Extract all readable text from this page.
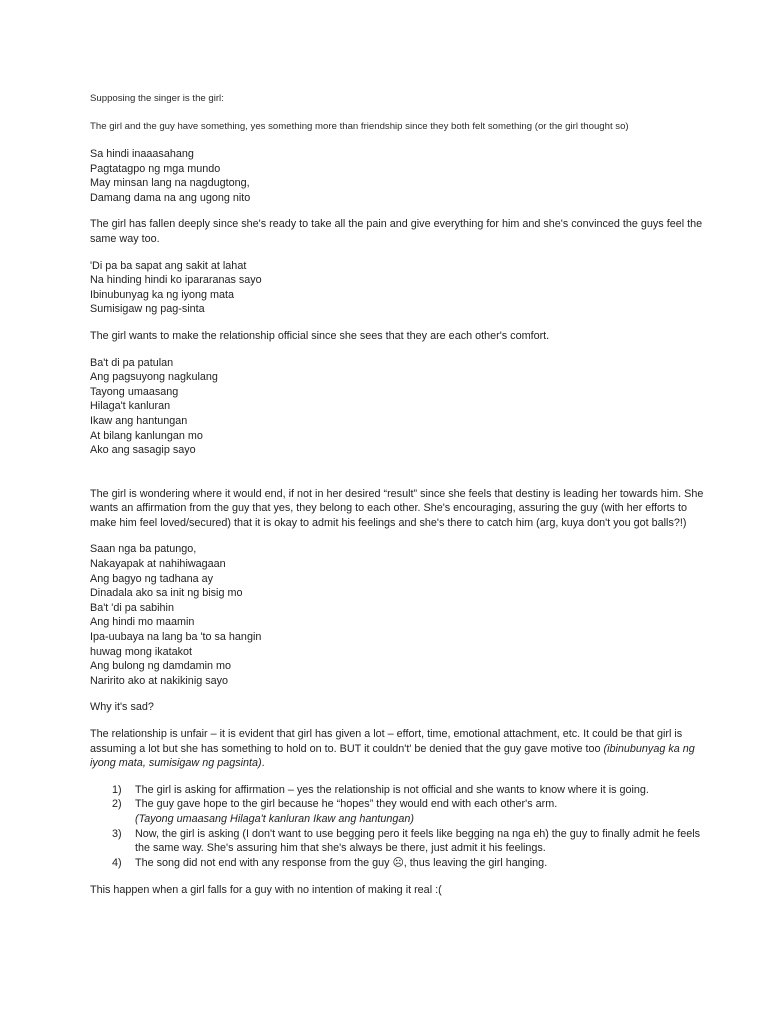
Supposing the singer is the girl:

The girl and the guy have something, yes something more than friendship since they both felt something (or the girl thought so)

Sa hindi inaaasahang
Pagtatagpo ng mga mundo
May minsan lang na nagdugtong,
Damang dama na ang ugong nito

The girl has fallen deeply since she's ready to take all the pain and give everything for him and she's convinced the guys feel the same way too.

'Di pa ba sapat ang sakit at lahat
Na hinding hindi ko ipararanas sayo
Ibinubunyag ka ng iyong mata
Sumisigaw ng pag-sinta

The girl wants to make the relationship official since she sees that they are each other's comfort.

Ba't di pa patulan
Ang pagsuyong nagkulang
Tayong umaasang
Hilaga't kanluran
Ikaw ang hantungan
At bilang kanlungan mo
Ako ang sasagip sayo

The girl is wondering where it would end, if not in her desired “result” since she feels that destiny is leading her towards him. She wants an affirmation from the guy that yes, they belong to each other. She's encouraging, assuring the guy (with her efforts to make him feel loved/secured) that it is okay to admit his feelings and she's there to catch him (arg, kuya don't you got balls?!)

Saan nga ba patungo,
Nakayapak at nahihiwagaan
Ang bagyo ng tadhana ay
Dinadala ako sa init ng bisig mo
Ba't 'di pa sabihin
Ang hindi mo maamin
Ipa-uubaya na lang ba 'to sa hangin
huwag mong ikatakot
Ang bulong ng damdamin mo
Naririto ako at nakikinig sayo

Why it's sad?

The relationship is unfair – it is evident that girl has given a lot – effort, time, emotional attachment, etc. It could be that girl is assuming a lot but she has something to hold on to. BUT it couldn't' be denied that the guy gave motive too (ibinubunyag ka ng iyong mata, sumisigaw ng pagsinta).

1) The girl is asking for affirmation – yes the relationship is not official and she wants to know where it is going.
2) The guy gave hope to the girl because he “hopes” they would end with each other's arm.
(Tayong umaasang Hilaga't kanluran Ikaw ang hantungan)
3) Now, the girl is asking (I don't want to use begging pero it feels like begging na nga eh) the guy to finally admit he feels the same way. She's assuring him that she's always be there, just admit it his feelings.
4) The song did not end with any response from the guy ☹, thus leaving the girl hanging.

This happen when a girl falls for a guy with no intention of making it real :(
